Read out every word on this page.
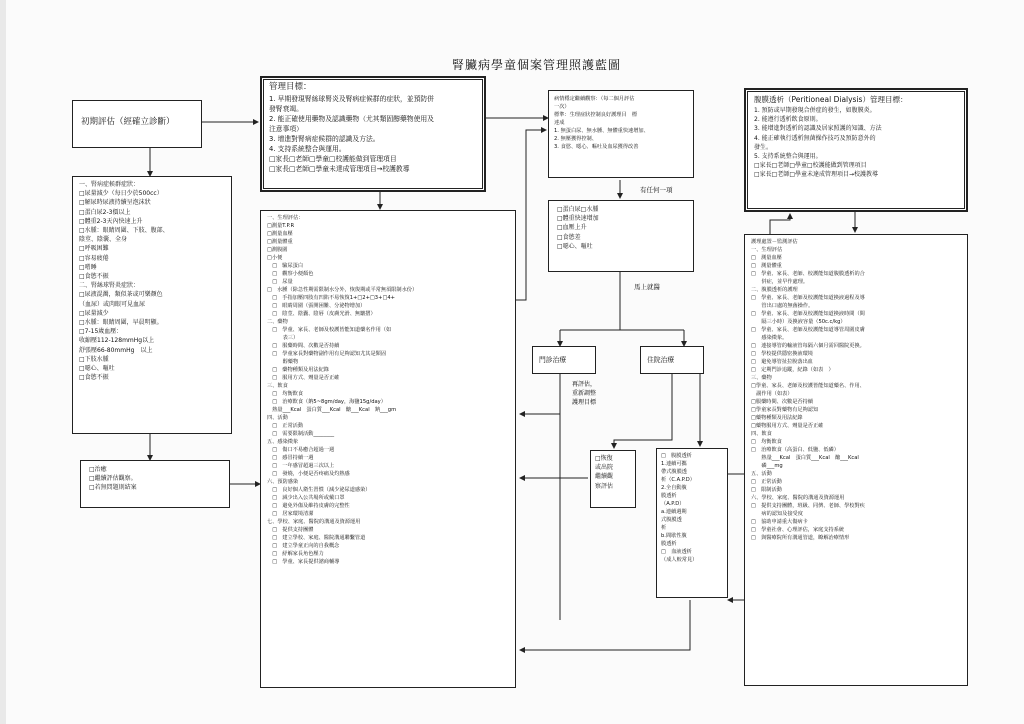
腎臟病學童個案管理照護藍圖
初期評估（經確立診斷）
管理目標：
1. 早期發現腎絲球腎炎及腎病症候群的症狀，並預防併
發腎衰竭。
2. 能正確使用藥物及認識藥物（尤其類固醇藥物使用及
注意事項）
3. 增進對腎病症候群的認識及方法。
4. 支持系統整合與運用。
□家長□老師□學童□校護能做到管理項目
□家長□老師□學童未達成管理項目→校護教導
病情穩定繼續觀察：（每二個月評估
一次）
標準：生理症狀控制良好護理目　標
達成
1. 無蛋白尿、無水腫、無體重快速增加、
2. 無壓獲得控制、
3. 食慾、噁心、嘔吐及血尿獲得改善
有任何一項
□蛋白尿□水腫
□體重快速增加
□血壓上升
□食慾差
□噁心、嘔吐
馬上就醫
門診治療	住院治療
再評估，
重新調整
護理目標
□恢復
或出院
繼續觀
察評估
□　腹膜透析
1.連續可攜
帶式腹膜透
析（C.A.P.D）
2.全自動腹
膜透析
（A.P.D）
a.連續週期
式腹膜透
析
b.間歇性腹
膜透析
□　血液透析
（成人較常見）
腹膜透析（Peritioneal Dialysis）管理目標：
1. 預防或早期發現合併症的發生，如腹膜炎。
2. 能遵行透析飲食原則。
3. 能增進對透析的認識及居家照護的知識、方法
4. 能正確執行透析無菌操作技巧及預防意外的
發生。
5. 支持系統整合與運用。
□家長□老師□學童□校護能做到管理項目
□家長□老師□學童未達成管理項目→校護教導
一、腎病症候群症狀：
□尿量減少（每日少於500cc）
□解尿時尿液持續呈泡沫狀
□蛋白尿2-3價以上
□體重2-3天內快速上升
□水腫：眼睛周圍、下肢、腹部、
陰莖、陰囊、全身
□呼吸困難
□容易疲倦
□嗜睡
□食慾不振
二、腎絲球腎炎症狀：
□尿液混濁，類似茶或可樂顏色
（血尿）或肉眼可見血尿
□尿量減少
□水腫：眼睛周圍，早晨明顯。
□7-15歲血壓：
收縮壓112-128mmHg以上
舒張壓66-80mmHg　以上
□下肢水腫
□噁心、嘔吐
□食慾不振
□治癒
□繼續評估觀察。
□若無問題則結案
一、生理評估：
□測量T.P.R
□測量血壓
□測量體重
□測腹圍
□小便
　□　驗尿蛋白
　□　觀察小便顏色
　□　尿量
□　水腫（除急性期需限制水分外，恢復期或平常無須限制水份）
　□　手指加壓四肢有凹陷不易恢復1+□2+□3+□4+
　□　眼睛周圍（張開困難、分泌物增加）
　□　陰莖、陰囊、陰唇（皮膚光滑、無皺摺）
二、藥物
　□　學童、家長、老師及校護皆能知道藥名作用（如
　　　表三）
　□　服藥時間、次數是否持續
　□　學童家長對藥物副作用有足夠認知尤其是類固
　　　醇藥物
　□　藥物種類及用法紀錄
　□　服用方式、劑量是否正確
三、飲食
　□　均衡飲食
　□　治療飲食（鈉5~8gm/day，海鹽15g/day）
　熱量___Kcal　蛋白質___Kcal　醣___Kcal　鈉___gm
四、活動
　□　正常活動
　□　需要限制活動________
五、感染徵象
　□　傷口不易癒合超過一週
　□　感冒持續一週
　□　一年感冒超過三次以上
　□　發燒，小便是否疼痛及灼熱感
六、預防感染
　□　良好個人衛生習慣（減少泌尿道感染）
　□　減少出入公共場所或戴口罩
　□　避免外傷及維持皮膚的完整性
　□　居家環境清潔
七、學校、家庭、醫院的溝通及資源運用
　□　提供支持團體
　□　建立學校、家庭、醫院溝通聯繫管道
　□　建立學童正向的自我概念
　□　紓解家長角色壓力
　□　學童、家長提供諮商輔導
護理處置－監測評估
一、生理評估
□　測量血壓
□　測量體重
□　學童、家長、老師、校護能知道腹膜透析的合
　　併症，並早作處理。
二、腹膜透析的護理
□　學童、家長、老師及校護能知道換液過程及導
　　管出口處的無菌操作。
□　學童、家長、老師及校護能知道換液時間（間
　　隔三小時）及換液容量（50c.c/kg）
□　學童、家長、老師及校護能知道導管周圍皮膚
　　感染徵象。
□　連接導管的輸液管每隔六個月需回醫院更換。
□　學校提供隱密換液環境
□　避免導管扯拉脫落出血
□　定期門診追蹤，紀錄（如表　）
三、藥物
□學童、家長、老師及校護皆能知道藥名、作用、
　副作用（如表）
□服藥時間、次數是否持續
□學童家長對藥物有足夠認知
□藥物種類及用法紀錄
□藥物服用方式、劑量是否正確
四、飲食
□　均衡飲食
□　治療飲食（高蛋白、低鹽、低磷）
　　熱量___Kcal　蛋白質___Kcal　醣___Kcal
　　磷___mg
五、活動
□　正常活動
□　限制活動
六、學校、家庭、醫院的溝通及資源運用
□　提供支持團體，班級、同儕、老師、學校對疾
　　病的認知及接受度
□　協助申請重大傷病卡
□　學童社會、心理評估，家庭支持系統
□　與醫療院所有溝通管道，瞭解治療情形
